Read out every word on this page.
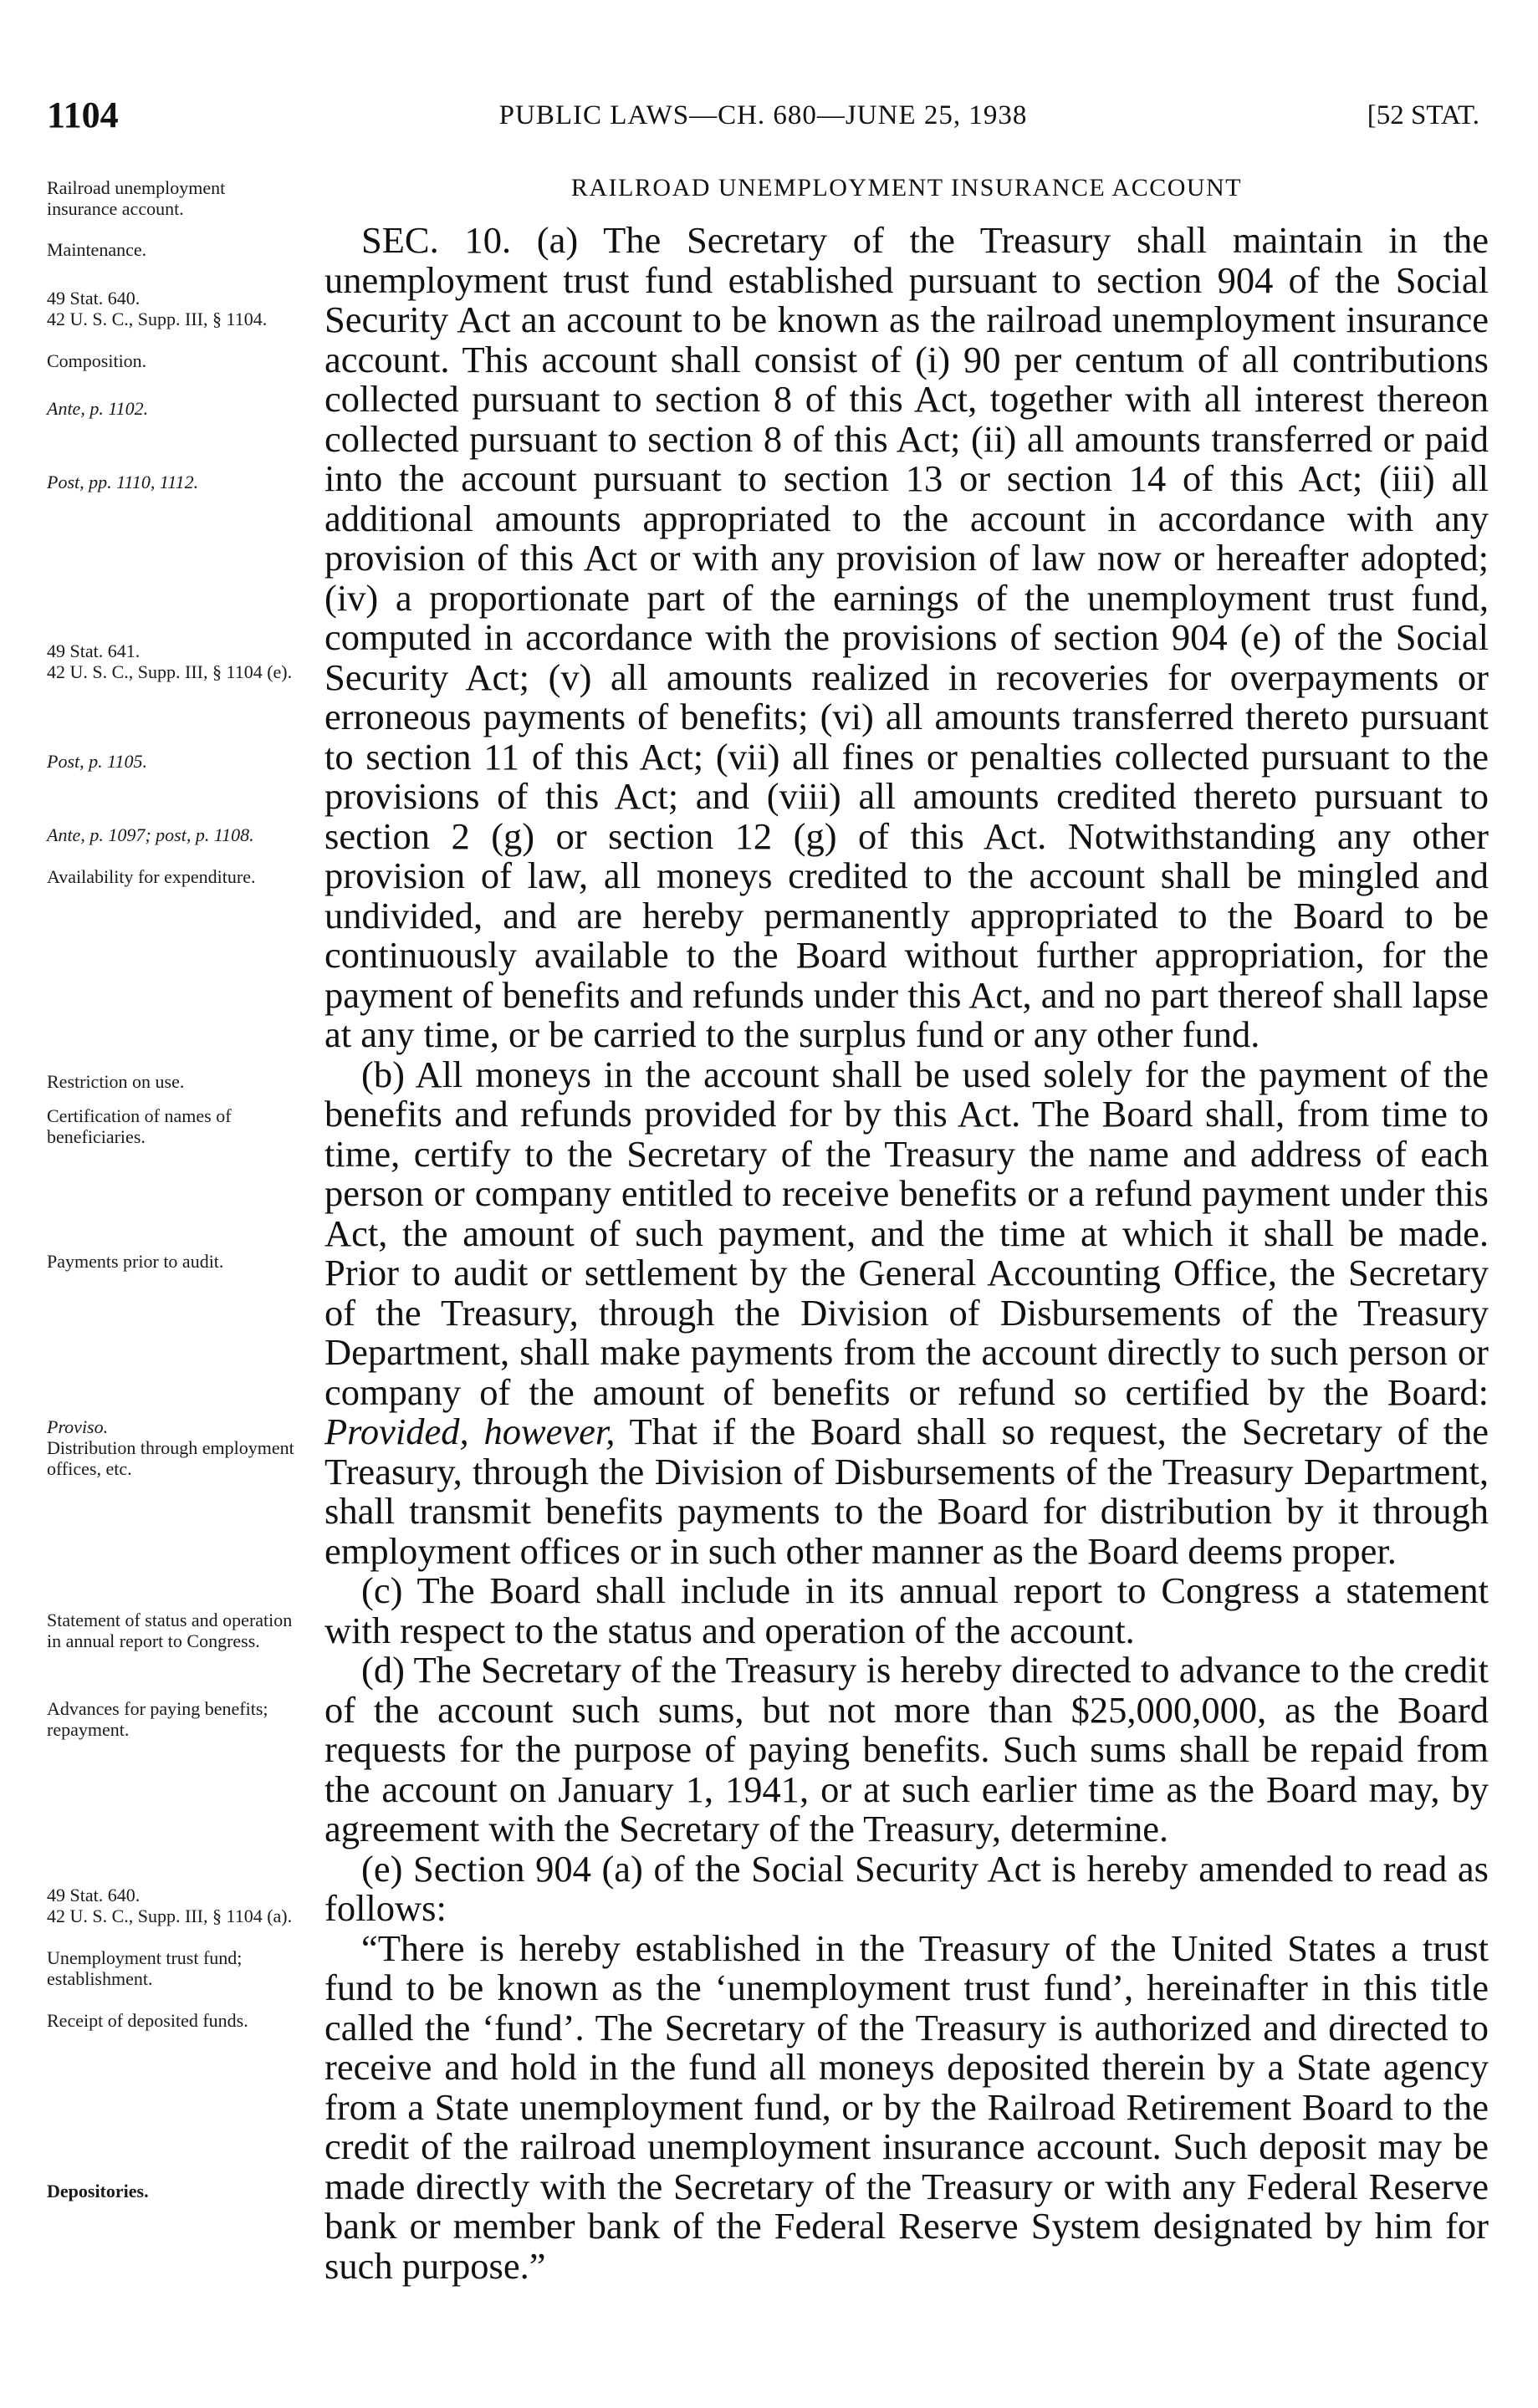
1104	PUBLIC LAWS—CH. 680—JUNE 25, 1938	[52 STAT.
Railroad unemployment insurance account.
Maintenance.
49 Stat. 640.
42 U. S. C., Supp. III, § 1104.
Composition.
Ante, p. 1102.
Post, pp. 1110, 1112.
49 Stat. 641.
42 U. S. C., Supp. III, § 1104 (e).
Post, p. 1105.
Ante, p. 1097; post, p. 1108.
Availability for expenditure.
Restriction on use.
Certification of names of beneficiaries.
Payments prior to audit.
Proviso.
Distribution through employment offices, etc.
Statement of status and operation in annual report to Congress.
Advances for paying benefits; repayment.
49 Stat. 640.
42 U. S. C., Supp. III, § 1104 (a).
Unemployment trust fund; establishment.
Receipt of deposited funds.
Depositories.
RAILROAD UNEMPLOYMENT INSURANCE ACCOUNT

SEC. 10. (a) The Secretary of the Treasury shall maintain in the unemployment trust fund established pursuant to section 904 of the Social Security Act an account to be known as the railroad unemployment insurance account. This account shall consist of (i) 90 per centum of all contributions collected pursuant to section 8 of this Act, together with all interest thereon collected pursuant to section 8 of this Act; (ii) all amounts transferred or paid into the account pursuant to section 13 or section 14 of this Act; (iii) all additional amounts appropriated to the account in accordance with any provision of this Act or with any provision of law now or hereafter adopted; (iv) a proportionate part of the earnings of the unemployment trust fund, computed in accordance with the provisions of section 904 (e) of the Social Security Act; (v) all amounts realized in recoveries for overpayments or erroneous payments of benefits; (vi) all amounts transferred thereto pursuant to section 11 of this Act; (vii) all fines or penalties collected pursuant to the provisions of this Act; and (viii) all amounts credited thereto pursuant to section 2 (g) or section 12 (g) of this Act. Notwithstanding any other provision of law, all moneys credited to the account shall be mingled and undivided, and are hereby permanently appropriated to the Board to be continuously available to the Board without further appropriation, for the payment of benefits and refunds under this Act, and no part thereof shall lapse at any time, or be carried to the surplus fund or any other fund.

(b) All moneys in the account shall be used solely for the payment of the benefits and refunds provided for by this Act. The Board shall, from time to time, certify to the Secretary of the Treasury the name and address of each person or company entitled to receive benefits or a refund payment under this Act, the amount of such payment, and the time at which it shall be made. Prior to audit or settlement by the General Accounting Office, the Secretary of the Treasury, through the Division of Disbursements of the Treasury Department, shall make payments from the account directly to such person or company of the amount of benefits or refund so certified by the Board: Provided, however, That if the Board shall so request, the Secretary of the Treasury, through the Division of Disbursements of the Treasury Department, shall transmit benefits payments to the Board for distribution by it through employment offices or in such other manner as the Board deems proper.

(c) The Board shall include in its annual report to Congress a statement with respect to the status and operation of the account.

(d) The Secretary of the Treasury is hereby directed to advance to the credit of the account such sums, but not more than $25,000,000, as the Board requests for the purpose of paying benefits. Such sums shall be repaid from the account on January 1, 1941, or at such earlier time as the Board may, by agreement with the Secretary of the Treasury, determine.

(e) Section 904 (a) of the Social Security Act is hereby amended to read as follows:

“There is hereby established in the Treasury of the United States a trust fund to be known as the ‘unemployment trust fund’, hereinafter in this title called the ‘fund’. The Secretary of the Treasury is authorized and directed to receive and hold in the fund all moneys deposited therein by a State agency from a State unemployment fund, or by the Railroad Retirement Board to the credit of the railroad unemployment insurance account. Such deposit may be made directly with the Secretary of the Treasury or with any Federal Reserve bank or member bank of the Federal Reserve System designated by him for such purpose.”
